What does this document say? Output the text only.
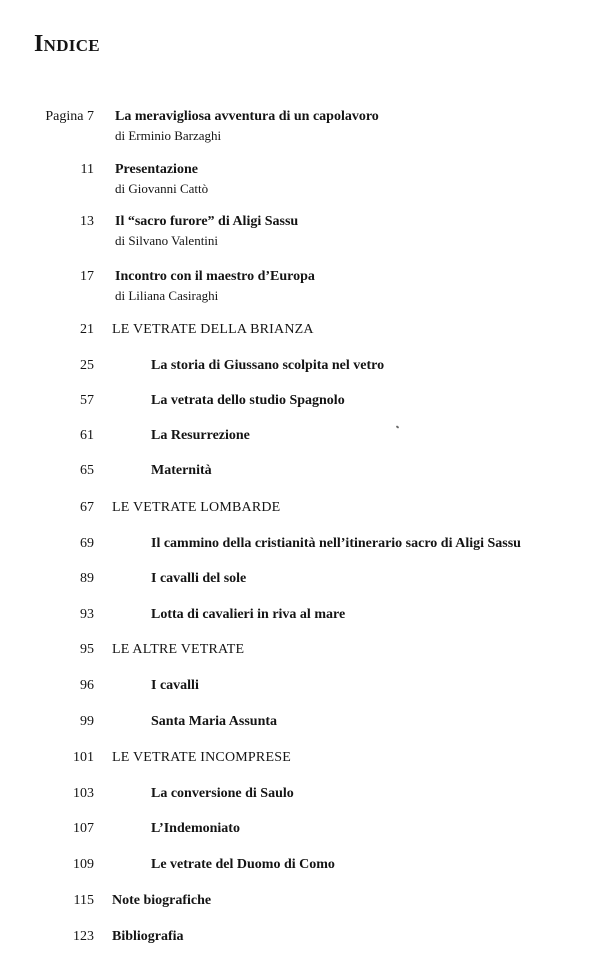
Indice
Pagina 7 La meravigliosa avventura di un capolavoro
di Erminio Barzaghi
11 Presentazione
di Giovanni Cattò
13 Il “sacro furore” di Aligi Sassu
di Silvano Valentini
17 Incontro con il maestro d’Europa
di Liliana Casiraghi
21 LE VETRATE DELLA BRIANZA
25	La storia di Giussano scolpita nel vetro
57	La vetrata dello studio Spagnolo
61	La Resurrezione
65	Maternità
67 LE VETRATE LOMBARDE
69	Il cammino della cristianità nell’itinerario sacro di Aligi Sassu
89	I cavalli del sole
93	Lotta di cavalieri in riva al mare
95 LE ALTRE VETRATE
96	I cavalli
99	Santa Maria Assunta
101 LE VETRATE INCOMPRESE
103	La conversione di Saulo
107	L’Indemoniato
109	Le vetrate del Duomo di Como
115 Note biografiche
123 Bibliografia
